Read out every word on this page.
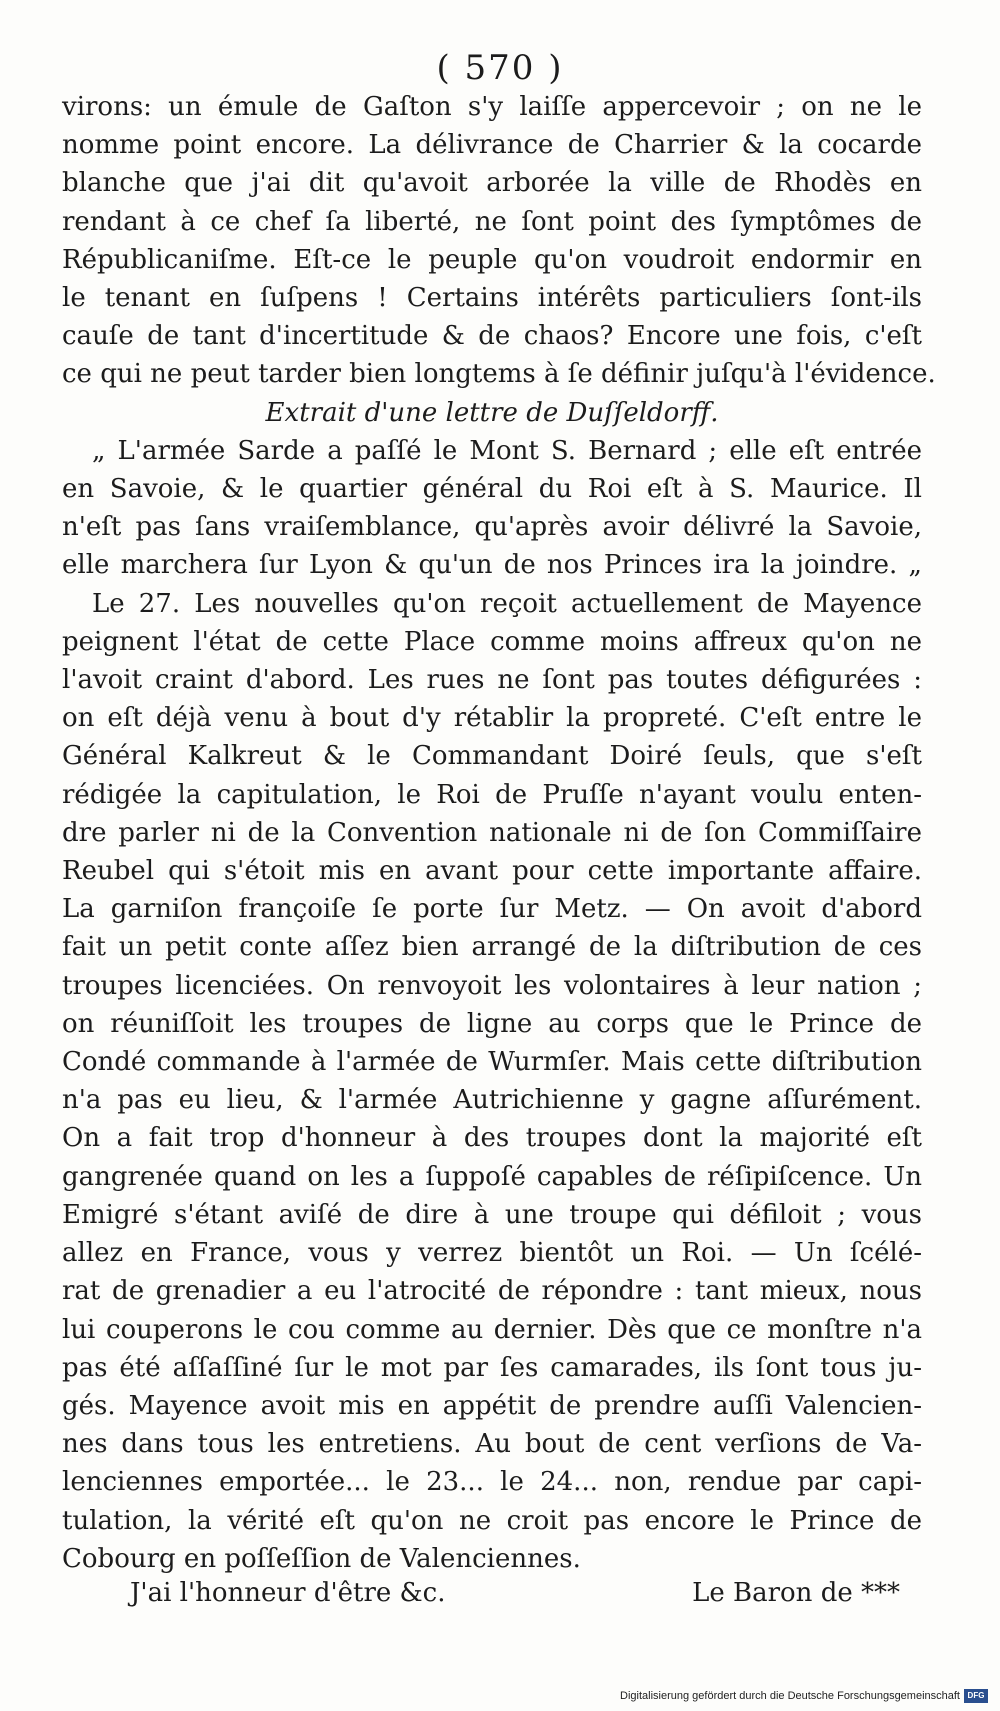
( 570 )
virons: un émule de Gaſton s'y laiſſe appercevoir ; on ne le
nomme point encore. La délivrance de Charrier & la cocarde
blanche que j'ai dit qu'avoit arborée la ville de Rhodès en
rendant à ce chef ſa liberté, ne ſont point des ſymptômes de
Républicaniſme. Eſt-ce le peuple qu'on voudroit endormir en
le tenant en ſuſpens ! Certains intérêts particuliers ſont-ils
cauſe de tant d'incertitude & de chaos? Encore une fois, c'eſt
ce qui ne peut tarder bien longtems à ſe définir juſqu'à l'évidence.
Extrait d'une lettre de Duſſeldorff.
„ L'armée Sarde a paſſé le Mont S. Bernard ; elle eſt entrée
en Savoie, & le quartier général du Roi eſt à S. Maurice. Il
n'eſt pas ſans vraiſemblance, qu'après avoir délivré la Savoie,
elle marchera ſur Lyon & qu'un de nos Princes ira la joindre. „
Le 27. Les nouvelles qu'on reçoit actuellement de Mayence
peignent l'état de cette Place comme moins affreux qu'on ne
l'avoit craint d'abord. Les rues ne ſont pas toutes défigurées :
on eſt déjà venu à bout d'y rétablir la propreté. C'eſt entre le
Général Kalkreut & le Commandant Doiré ſeuls, que s'eſt
rédigée la capitulation, le Roi de Pruſſe n'ayant voulu enten-
dre parler ni de la Convention nationale ni de ſon Commiſſaire
Reubel qui s'étoit mis en avant pour cette importante affaire.
La garniſon françoiſe ſe porte ſur Metz. — On avoit d'abord
fait un petit conte aſſez bien arrangé de la diſtribution de ces
troupes licenciées. On renvoyoit les volontaires à leur nation ;
on réuniſſoit les troupes de ligne au corps que le Prince de
Condé commande à l'armée de Wurmſer. Mais cette diſtribution
n'a pas eu lieu, & l'armée Autrichienne y gagne aſſurément.
On a fait trop d'honneur à des troupes dont la majorité eſt
gangrenée quand on les a ſuppoſé capables de réſipiſcence. Un
Emigré s'étant aviſé de dire à une troupe qui défiloit ; vous
allez en France, vous y verrez bientôt un Roi. — Un ſcélé-
rat de grenadier a eu l'atrocité de répondre : tant mieux, nous
lui couperons le cou comme au dernier. Dès que ce monſtre n'a
pas été aſſaſſiné ſur le mot par ſes camarades, ils ſont tous ju-
gés. Mayence avoit mis en appétit de prendre auſſi Valencien-
nes dans tous les entretiens. Au bout de cent verſions de Va-
lenciennes emportée... le 23... le 24... non, rendue par capi-
tulation, la vérité eſt qu'on ne croit pas encore le Prince de
Cobourg en poſſeſſion de Valenciennes.
J'ai l'honneur d'être &c.	Le Baron de ***
Digitalisierung gefördert durch die Deutsche Forschungsgemeinschaft DFG
